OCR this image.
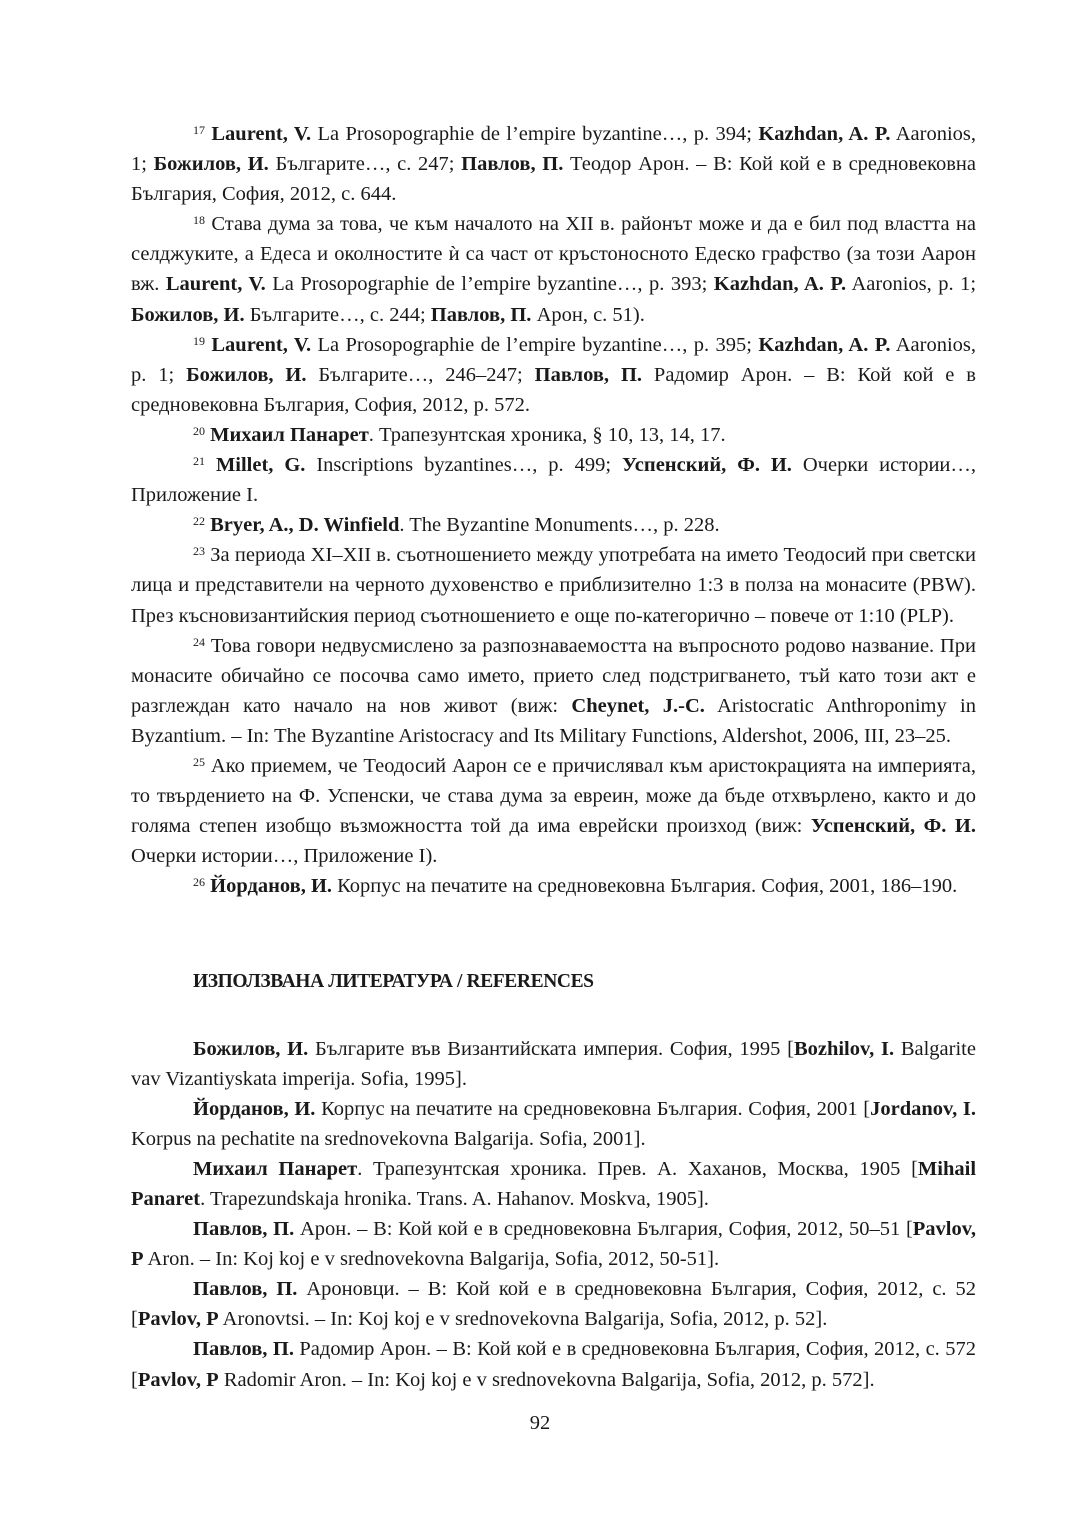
$^{17}$ Laurent, V. La Prosopographie de l’empire byzantine…, p. 394; Kazhdan, A. P. Aaronios, 1; Божилов, И. Българите…, с. 247; Павлов, П. Теодор Арон. – В: Кой кой е в средновековна България, София, 2012, с. 644.

$^{18}$ Става дума за това, че към началото на XII в. районът може и да е бил под властта на селджуките, а Едеса и околностите ѝ са част от кръстоносното Едеско графство (за този Аарон вж. Laurent, V. La Prosopographie de l’empire byzantine…, p. 393; Kazhdan, A. P. Aaronios, p. 1; Божилов, И. Българите…, с. 244; Павлов, П. Арон, с. 51).

$^{19}$ Laurent, V. La Prosopographie de l’empire byzantine…, p. 395; Kazhdan, A. P. Aaronios, p. 1; Божилов, И. Българите…, 246–247; Павлов, П. Радомир Арон. – В: Кой кой е в средновековна България, София, 2012, p. 572.

$^{20}$ Михаил Панарет. Трапезунтская хроника, § 10, 13, 14, 17.

$^{21}$ Millet, G. Inscriptions byzantines…, p. 499; Успенский, Ф. И. Очерки истории…, Приложение I.

$^{22}$ Bryer, A., D. Winfield. The Byzantine Monuments…, p. 228.

$^{23}$ За периода XI–XII в. съотношението между употребата на името Теодосий при светски лица и представители на черното духовенство е приблизително 1:3 в полза на монасите (PBW). През късновизантийския период съотношението е още по-категорично – повече от 1:10 (PLP).

$^{24}$ Това говори недвусмислено за разпознаваемостта на въпросното родово название. При монасите обичайно се посочва само името, прието след подстригването, тъй като този акт е разглеждан като начало на нов живот (виж: Cheynet, J.-C. Aristocratic Anthroponimy in Byzantium. – In: The Byzantine Aristocracy and Its Military Functions, Aldershot, 2006, III, 23–25.

$^{25}$ Ако приемем, че Теодосий Аарон се е причислявал към аристокрацията на империята, то твърдението на Ф. Успенски, че става дума за евреин, може да бъде отхвърлено, както и до голяма степен изобщо възможността той да има еврейски произход (виж: Успенский, Ф. И. Очерки истории…, Приложение I).

$^{26}$ Йорданов, И. Корпус на печатите на средновековна България. София, 2001, 186–190.

ИЗПОЛЗВАНА ЛИТЕРАТУРА / REFERENCES

Божилов, И. Българите във Византийската империя. София, 1995 [Bozhilov, I. Balgarite vav Vizantiyskata imperija. Sofia, 1995].

Йорданов, И. Корпус на печатите на средновековна България. София, 2001 [Jordanov, I. Korpus na pechatite na srednovekovna Balgarija. Sofia, 2001].

Михаил Панарет. Трапезунтская хроника. Прев. А. Хаханов, Москва, 1905 [Mihail Panaret. Trapezundskaja hronika. Trans. A. Hahanov. Moskva, 1905].

Павлов, П. Арон. – В: Кой кой е в средновековна България, София, 2012, 50–51 [Pavlov, P Aron. – In: Koj koj e v srednovekovna Balgarija, Sofia, 2012, 50-51].

Павлов, П. Ароновци. – В: Кой кой е в средновековна България, София, 2012, с. 52 [Pavlov, P Aronovtsi. – In: Koj koj e v srednovekovna Balgarija, Sofia, 2012, p. 52].

Павлов, П. Радомир Арон. – В: Кой кой е в средновековна България, София, 2012, с. 572 [Pavlov, P Radomir Aron. – In: Koj koj e v srednovekovna Balgarija, Sofia, 2012, p. 572].

92
